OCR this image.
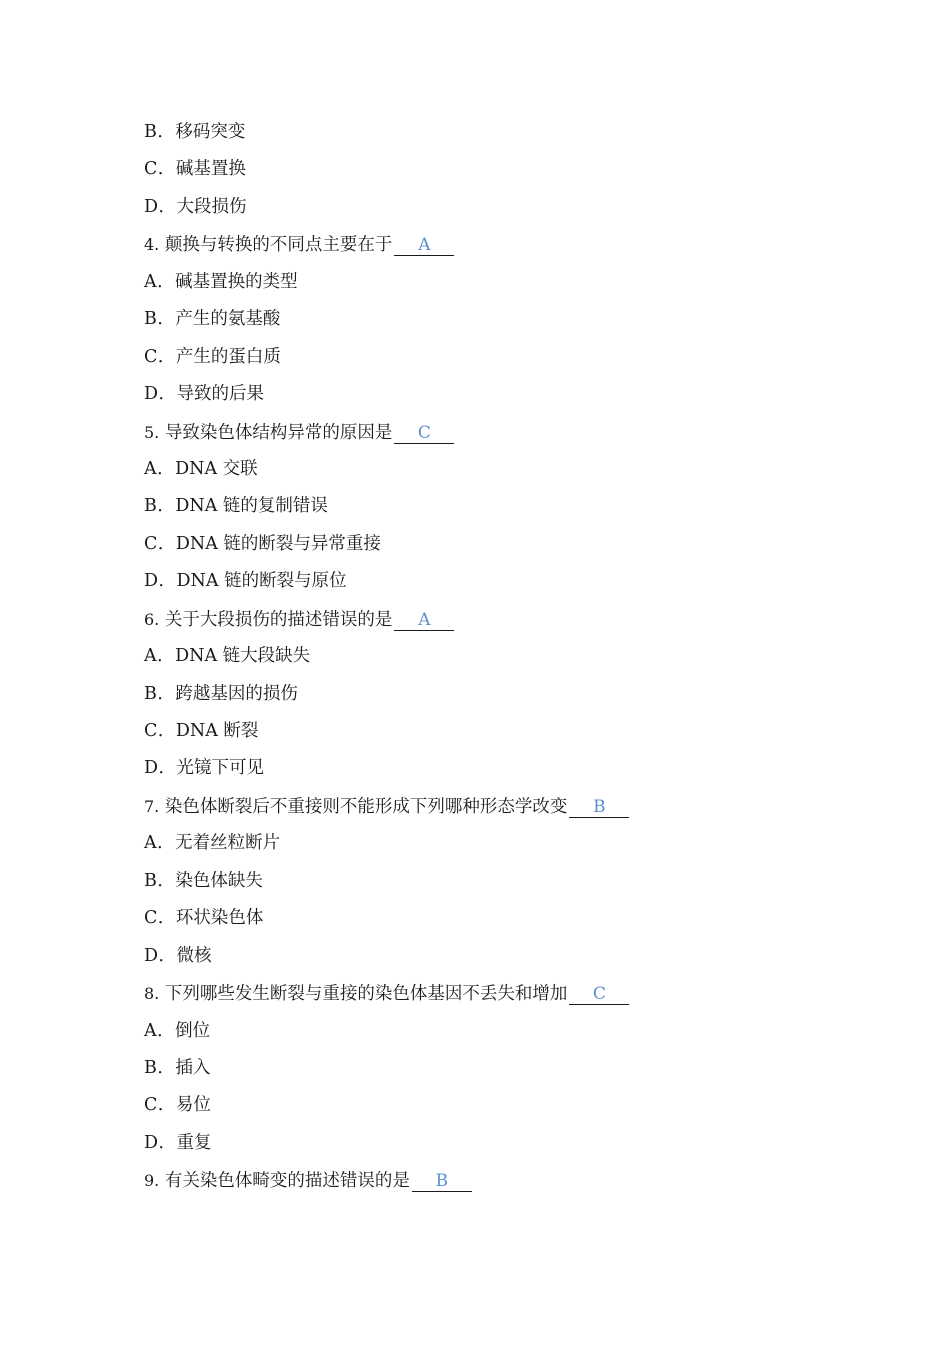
B．移码突变
C．碱基置换
D．大段损伤
4. 颠换与转换的不同点主要在于 A
A．碱基置换的类型
B．产生的氨基酸
C．产生的蛋白质
D．导致的后果
5. 导致染色体结构异常的原因是 C
A．DNA 交联
B．DNA 链的复制错误
C．DNA 链的断裂与异常重接
D．DNA 链的断裂与原位
6. 关于大段损伤的描述错误的是 A
A．DNA 链大段缺失
B．跨越基因的损伤
C．DNA 断裂
D．光镜下可见
7. 染色体断裂后不重接则不能形成下列哪种形态学改变 B
A．无着丝粒断片
B．染色体缺失
C．环状染色体
D．微核
8. 下列哪些发生断裂与重接的染色体基因不丢失和增加 C
A．倒位
B．插入
C．易位
D．重复
9. 有关染色体畸变的描述错误的是 B
